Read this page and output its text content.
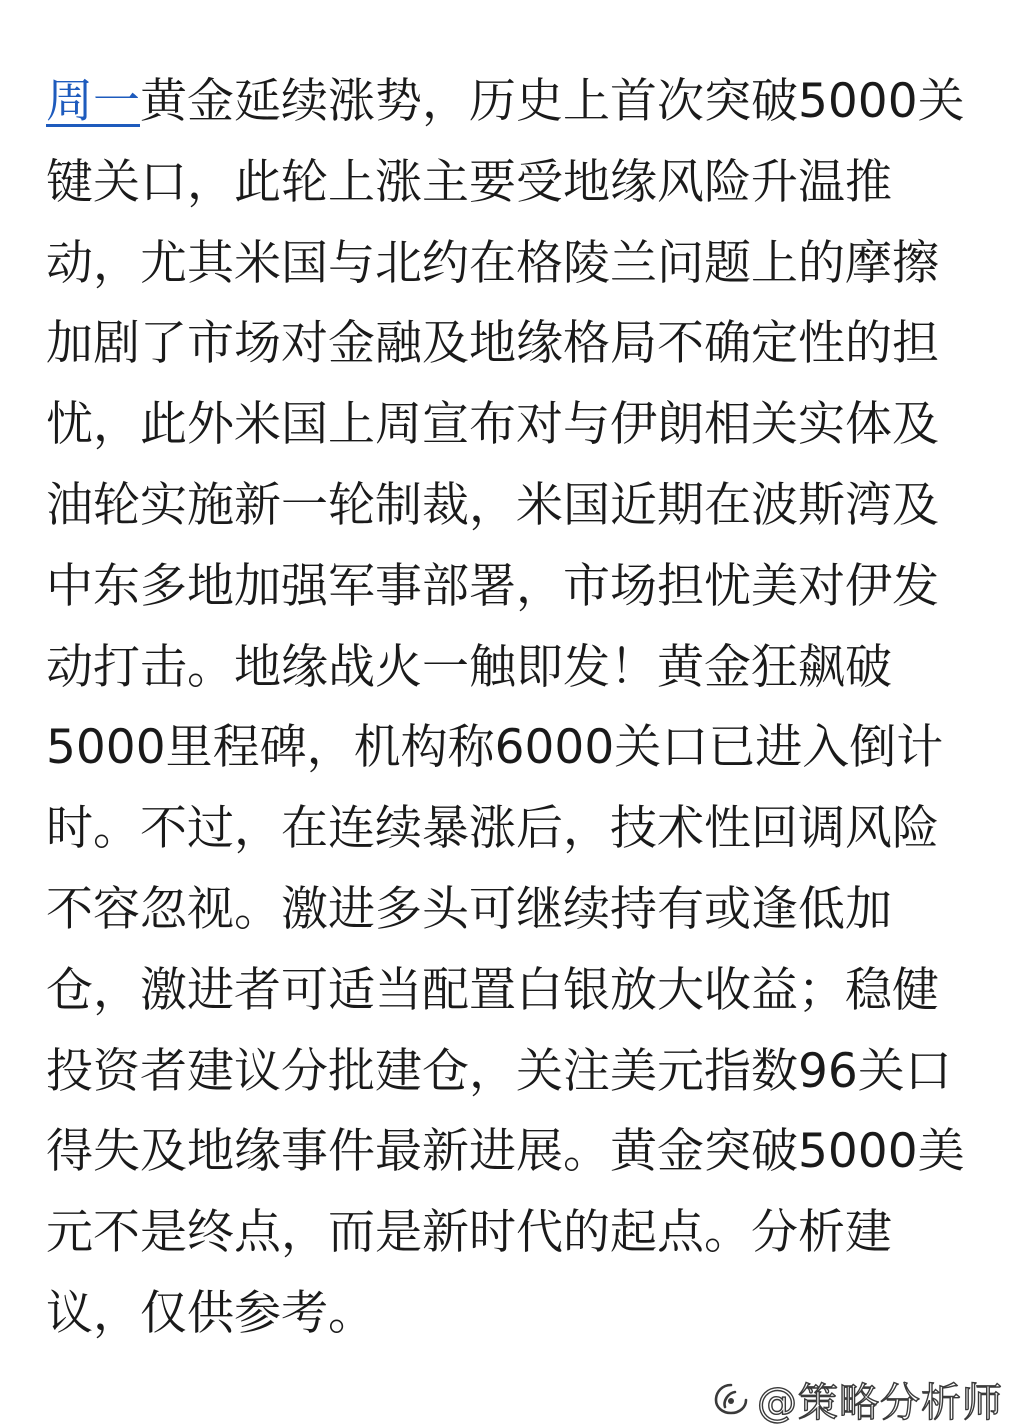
周一黄金延续涨势，历史上首次突破5000关
键关口，此轮上涨主要受地缘风险升温推
动，尤其米国与北约在格陵兰问题上的摩擦
加剧了市场对金融及地缘格局不确定性的担
忧，此外米国上周宣布对与伊朗相关实体及
油轮实施新一轮制裁，米国近期在波斯湾及
中东多地加强军事部署，市场担忧美对伊发
动打击。地缘战火一触即发！黄金狂飙破
5000里程碑，机构称6000关口已进入倒计
时。不过，在连续暴涨后，技术性回调风险
不容忽视。激进多头可继续持有或逢低加
仓，激进者可适当配置白银放大收益；稳健
投资者建议分批建仓，关注美元指数96关口
得失及地缘事件最新进展。黄金突破5000美
元不是终点，而是新时代的起点。分析建
议，仅供参考。
@策略分析师
